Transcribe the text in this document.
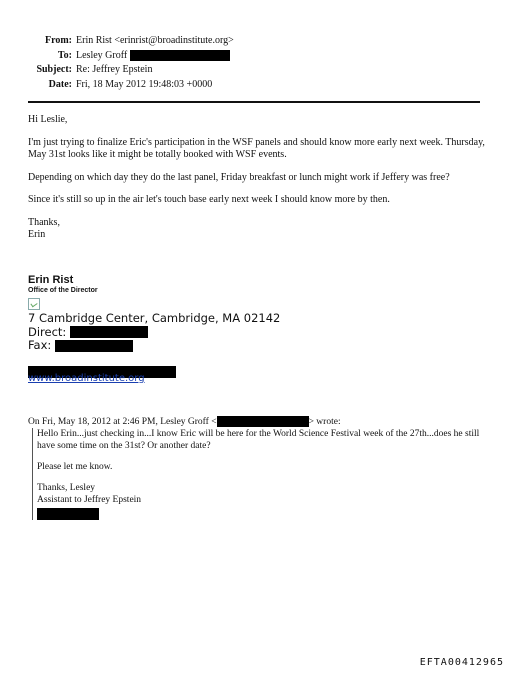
From: Erin Rist <erinrist@broadinstitute.org>
To: Lesley Groff
Subject: Re: Jeffrey Epstein
Date: Fri, 18 May 2012 19:48:03 +0000

Hi Leslie,

I'm just trying to finalize Eric's participation in the WSF panels and should know more early next week. Thursday, May 31st looks like it might be totally booked with WSF events.

Depending on which day they do the last panel, Friday breakfast or lunch might work if Jeffery was free?

Since it's still so up in the air let's touch base early next week I should know more by then.

Thanks,
Erin
Erin Rist
Office of the Director
7 Cambridge Center, Cambridge, MA 02142
Direct:
Fax:
www.broadinstitute.org
On Fri, May 18, 2012 at 2:46 PM, Lesley Groff <	> wrote:

Hello Erin...just checking in...I know Eric will be here for the World Science Festival week of the 27th...does he still have some time on the 31st? Or another date?

Please let me know.

Thanks, Lesley
Assistant to Jeffrey Epstein
EFTA00412965
